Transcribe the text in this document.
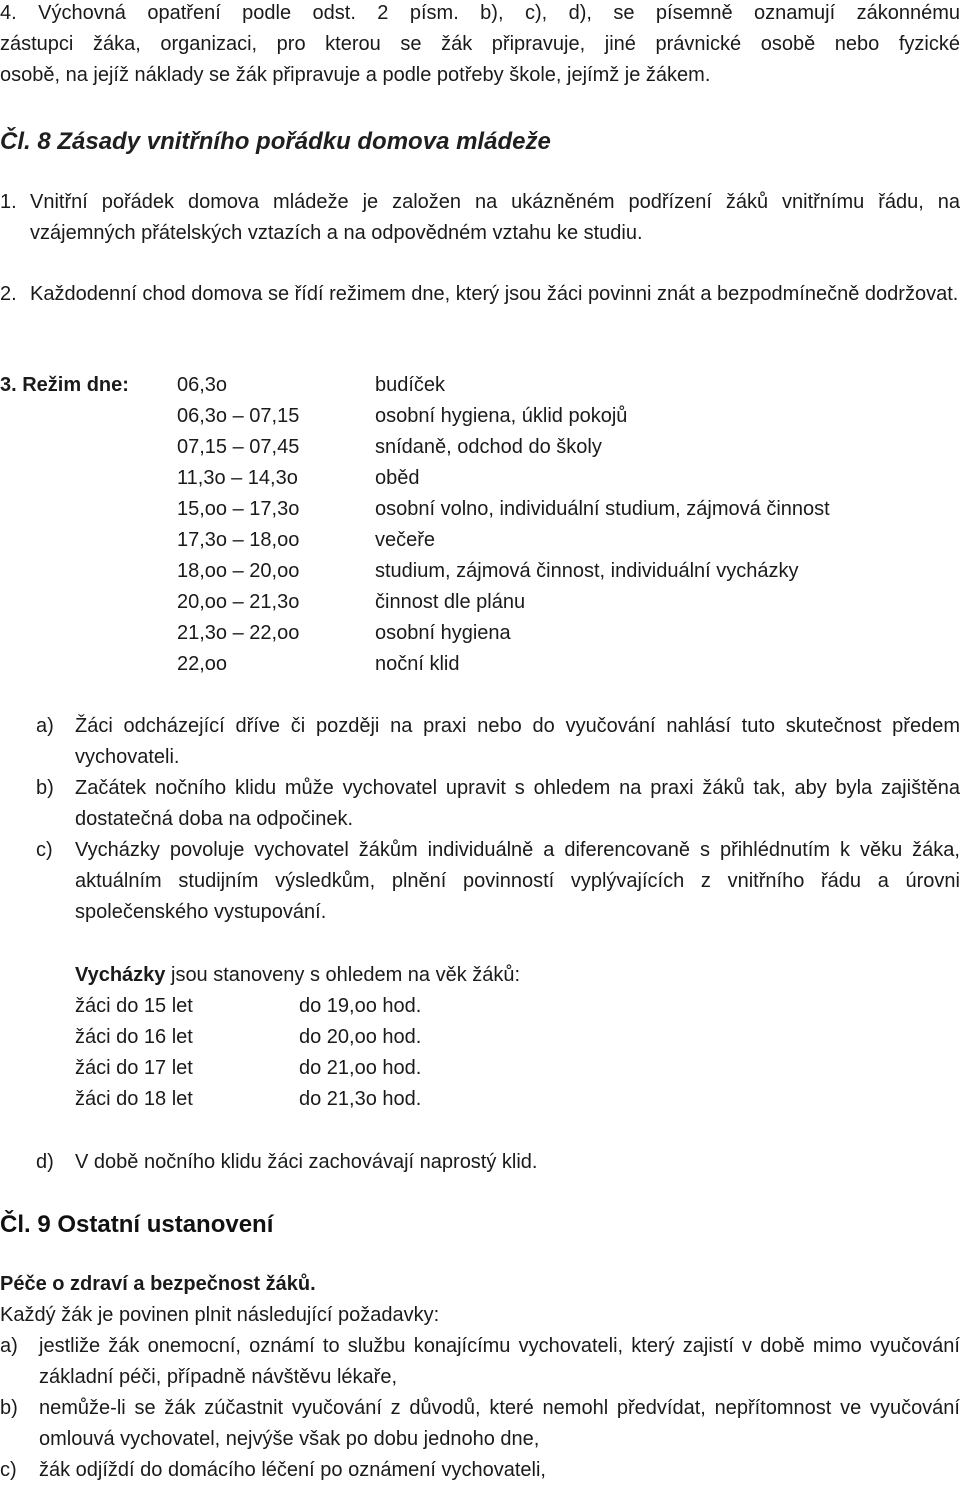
4. Výchovná opatření podle odst. 2 písm. b), c), d), se písemně oznamují zákonnému

zástupci žáka, organizaci, pro kterou se žák připravuje, jiné právnické osobě nebo fyzické

osobě, na jejíž náklady se žák připravuje a podle potřeby škole, jejímž je žákem.

Čl. 8 Zásady vnitřního pořádku domova mládeže
1. Vnitřní pořádek domova mládeže je založen na ukázněném podřízení žáků vnitřnímu řádu, na vzájemných přátelských vztazích a na odpovědném vztahu ke studiu.
2. Každodenní chod domova se řídí režimem dne, který jsou žáci povinni znát a bezpodmínečně dodržovat.
3. Režim dne:	06,3o	budíček
06,3o – 07,15	osobní hygiena, úklid pokojů
07,15 – 07,45	snídaně, odchod do školy
11,3o – 14,3o	oběd
15,oo – 17,3o	osobní volno, individuální studium, zájmová činnost
17,3o – 18,oo	večeře
18,oo – 20,oo	studium, zájmová činnost, individuální vycházky
20,oo – 21,3o	činnost dle plánu
21,3o – 22,oo	osobní hygiena
22,oo	noční klid
a)	Žáci odcházející dříve či později na praxi nebo do vyučování nahlásí tuto skutečnost předem vychovateli.
b)	Začátek nočního klidu může vychovatel upravit s ohledem na praxi žáků tak, aby byla zajištěna dostatečná doba na odpočinek.
c)	Vycházky povoluje vychovatel žákům individuálně a diferencovaně s přihlédnutím k věku žáka, aktuálním studijním výsledkům, plnění povinností vyplývajících z vnitřního řádu a úrovni společenského vystupování.

Vycházky jsou stanoveny s ohledem na věk žáků:

žáci do 15 let	do 19,oo hod.
žáci do 16 let	do 20,oo hod.
žáci do 17 let	do 21,oo hod.
žáci do 18 let	do 21,3o hod.
d)	V době nočního klidu žáci zachovávají naprostý klid.
Čl. 9 Ostatní ustanovení

Péče o zdraví a bezpečnost žáků.

Každý žák je povinen plnit následující požadavky:

a)	jestliže žák onemocní, oznámí to službu konajícímu vychovateli, který zajistí v době mimo vyučování základní péči, případně návštěvu lékaře,
b)	nemůže-li se žák zúčastnit vyučování z důvodů, které nemohl předvídat, nepřítomnost ve vyučování omlouvá vychovatel, nejvýše však po dobu jednoho dne,
c)	žák odjíždí do domácího léčení po oznámení vychovateli,
